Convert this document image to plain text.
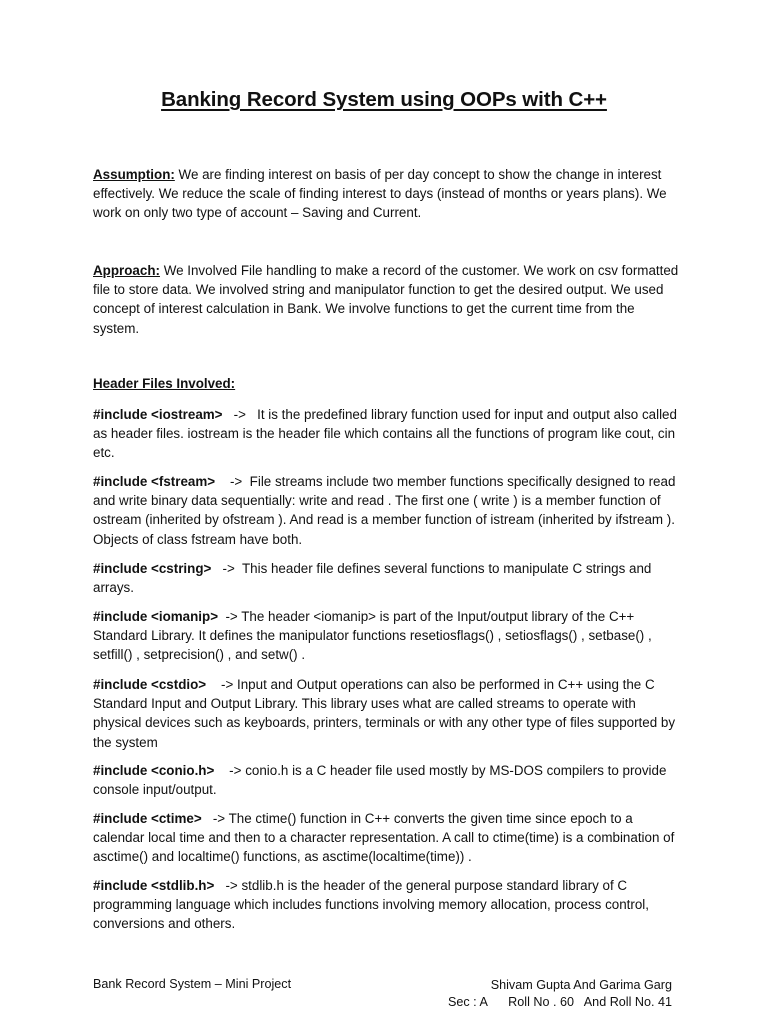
Banking Record System using OOPs with C++

Assumption: We are finding interest on basis of per day concept to show the change in interest effectively. We reduce the scale of finding interest to days (instead of months or years plans). We work on only two type of account – Saving and Current.

Approach: We Involved File handling to make a record of the customer. We work on csv formatted file to store data. We involved string and manipulator function to get the desired output. We used concept of interest calculation in Bank. We involve functions to get the current time from the system.

Header Files Involved:

#include <iostream>   ->   It is the predefined library function used for input and output also called as header files. iostream is the header file which contains all the functions of program like cout, cin etc.

#include <fstream>    ->  File streams include two member functions specifically designed to read and write binary data sequentially: write and read . The first one ( write ) is a member function of ostream (inherited by ofstream ). And read is a member function of istream (inherited by ifstream ). Objects of class fstream have both.

#include <cstring>   ->  This header file defines several functions to manipulate C strings and arrays.

#include <iomanip>  -> The header <iomanip> is part of the Input/output library of the C++ Standard Library. It defines the manipulator functions resetiosflags() , setiosflags() , setbase() , setfill() , setprecision() , and setw() .

#include <cstdio>    -> Input and Output operations can also be performed in C++ using the C Standard Input and Output Library. This library uses what are called streams to operate with physical devices such as keyboards, printers, terminals or with any other type of files supported by the system

#include <conio.h>    -> conio.h is a C header file used mostly by MS-DOS compilers to provide console input/output.

#include <ctime>   -> The ctime() function in C++ converts the given time since epoch to a calendar local time and then to a character representation. A call to ctime(time) is a combination of asctime() and localtime() functions, as asctime(localtime(time)) .

#include <stdlib.h>   -> stdlib.h is the header of the general purpose standard library of C programming language which includes functions involving memory allocation, process control, conversions and others.

Bank Record System – Mini Project	Shivam Gupta And Garima Garg
Sec : A      Roll No . 60   And Roll No. 41
